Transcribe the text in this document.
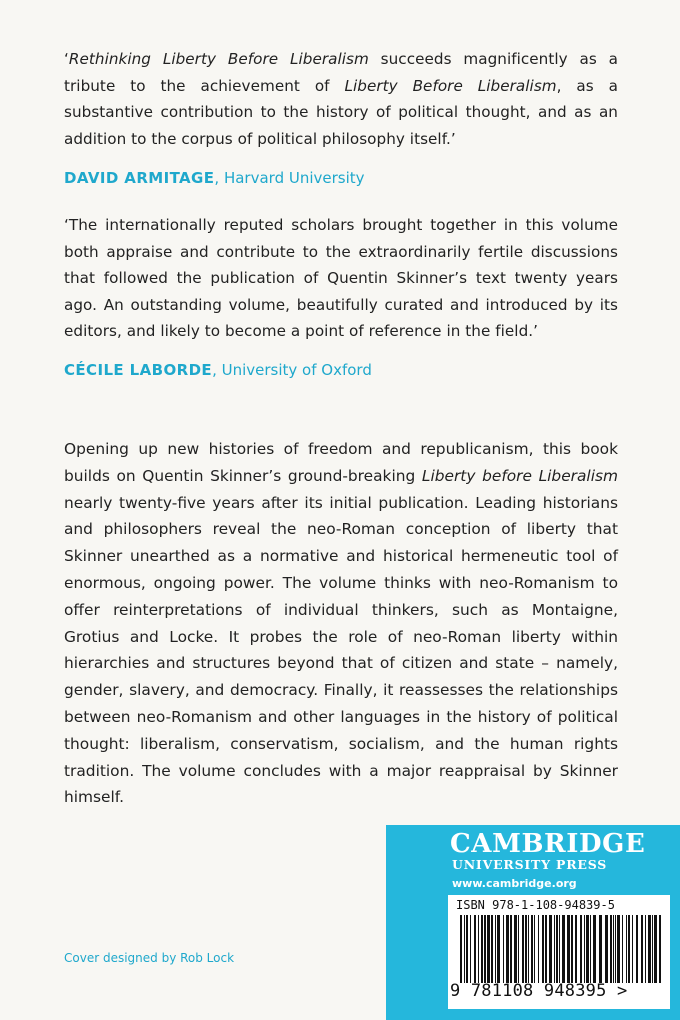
‘Rethinking Liberty Before Liberalism succeeds magnificently as a tribute to the achievement of Liberty Before Liberalism, as a substantive contribution to the history of political thought, and as an addition to the corpus of political philosophy itself.’

DAVID ARMITAGE, Harvard University

‘The internationally reputed scholars brought together in this volume both appraise and contribute to the extraordinarily fertile discussions that followed the publication of Quentin Skinner’s text twenty years ago. An outstanding volume, beautifully curated and introduced by its editors, and likely to become a point of reference in the field.’

CÉCILE LABORDE, University of Oxford

Opening up new histories of freedom and republicanism, this book builds on Quentin Skinner’s ground-breaking Liberty before Liberalism nearly twenty-five years after its initial publication. Leading historians and philosophers reveal the neo-Roman conception of liberty that Skinner unearthed as a normative and historical hermeneutic tool of enormous, ongoing power. The volume thinks with neo-Romanism to offer reinterpretations of individual thinkers, such as Montaigne, Grotius and Locke. It probes the role of neo-Roman liberty within hierarchies and structures beyond that of citizen and state – namely, gender, slavery, and democracy. Finally, it reassesses the relationships between neo-Romanism and other languages in the history of political thought: liberalism, conservatism, socialism, and the human rights tradition. The volume concludes with a major reappraisal by Skinner himself.

Cover designed by Rob Lock
CAMBRIDGE
UNIVERSITY PRESS
www.cambridge.org
ISBN 978-1-108-94839-5
9 781108 948395 >
